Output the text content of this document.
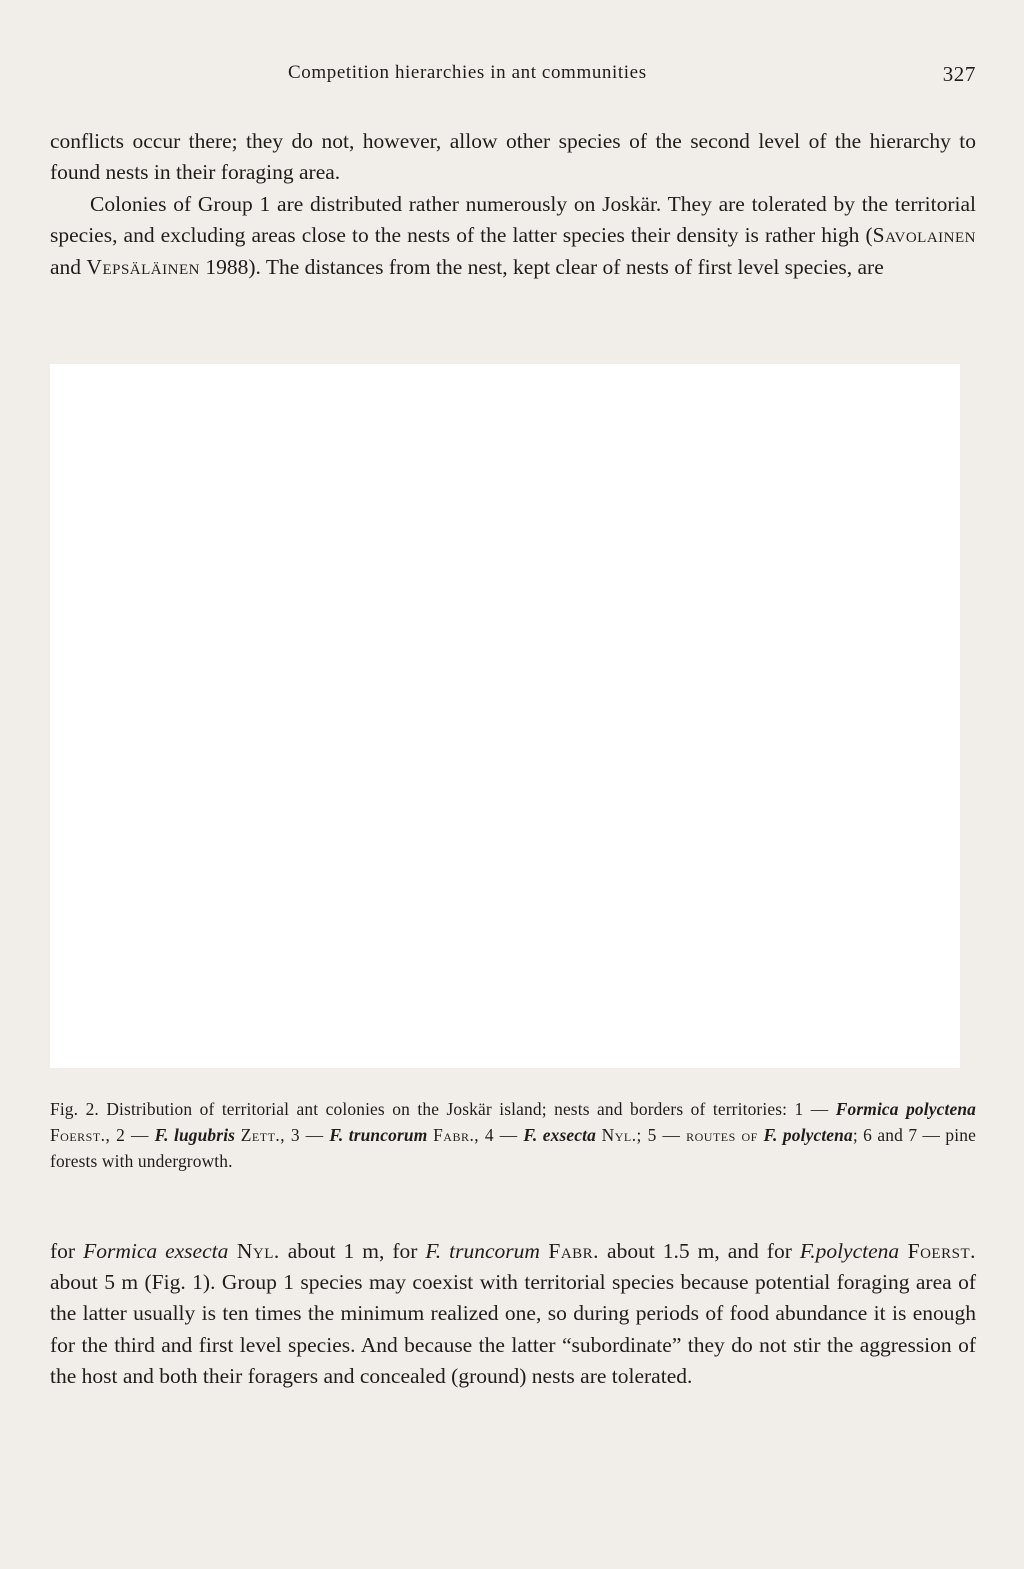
Competition hierarchies in ant communities	327

conflicts occur there; they do not, however, allow other species of the second level of the hierarchy to found nests in their foraging area.

Colonies of Group 1 are distributed rather numerously on Joskär. They are tolerated by the territorial species, and excluding areas close to the nests of the latter species their density is rather high (Savolainen and Vepsäläinen 1988). The distances from the nest, kept clear of nests of first level species, are

Fig. 2. Distribution of territorial ant colonies on the Joskär island; nests and borders of territories: 1 — Formica polyctena Foerst., 2 — F. lugubris Zett., 3 — F. truncorum Fabr., 4 — F. exsecta Nyl.; 5 — routes of F. polyctena; 6 and 7 — pine forests with undergrowth.

for Formica exsecta Nyl. about 1 m, for F. truncorum Fabr. about 1.5 m, and for F.polyctena Foerst. about 5 m (Fig. 1). Group 1 species may coexist with territorial species because potential foraging area of the latter usually is ten times the minimum realized one, so during periods of food abundance it is enough for the third and first level species. And because the latter “subordinate” they do not stir the aggression of the host and both their foragers and concealed (ground) nests are tolerated.
